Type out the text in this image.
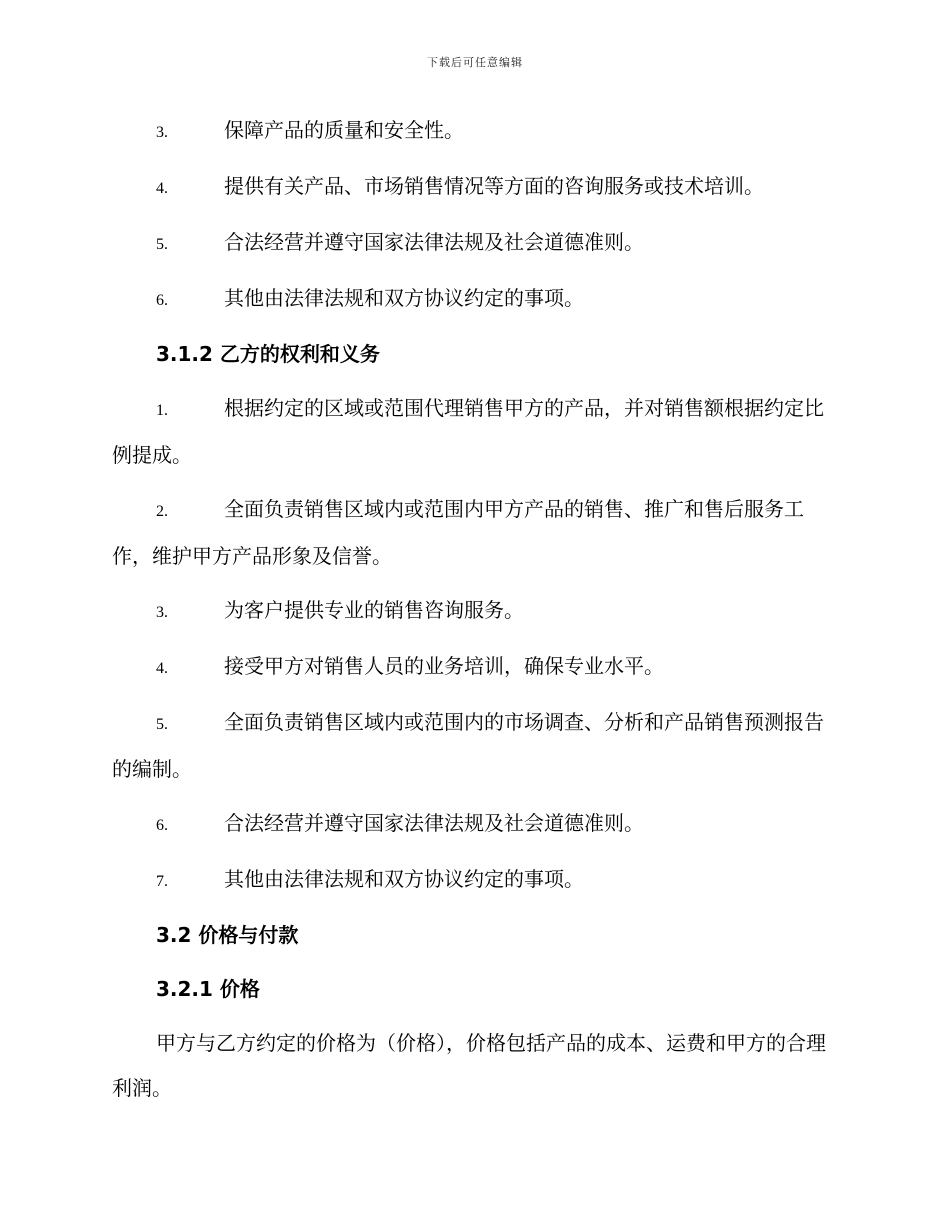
下载后可任意编辑
3.	保障产品的质量和安全性。
4.	提供有关产品、市场销售情况等方面的咨询服务或技术培训。
5.	合法经营并遵守国家法律法规及社会道德准则。
6.	其他由法律法规和双方协议约定的事项。
3.1.2 乙方的权利和义务
1.	根据约定的区域或范围代理销售甲方的产品，并对销售额根据约定比例提成。
2.	全面负责销售区域内或范围内甲方产品的销售、推广和售后服务工作，维护甲方产品形象及信誉。
3.	为客户提供专业的销售咨询服务。
4.	接受甲方对销售人员的业务培训，确保专业水平。
5.	全面负责销售区域内或范围内的市场调查、分析和产品销售预测报告的编制。
6.	合法经营并遵守国家法律法规及社会道德准则。
7.	其他由法律法规和双方协议约定的事项。
3.2 价格与付款
3.2.1 价格
甲方与乙方约定的价格为（价格），价格包括产品的成本、运费和甲方的合理利润。
